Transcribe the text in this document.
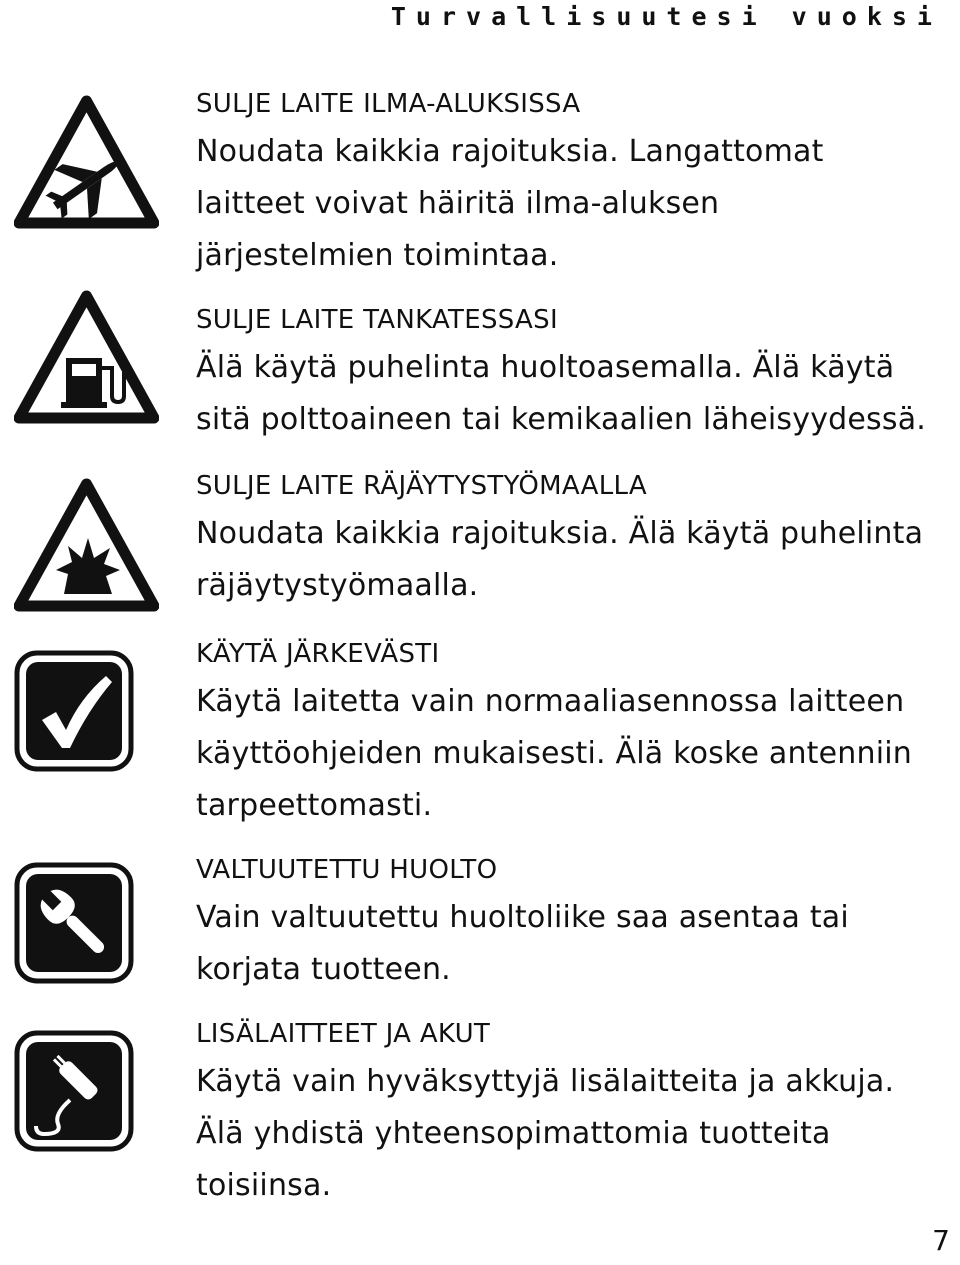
Turvallisuutesi vuoksi
SULJE LAITE ILMA-ALUKSISSA

Noudata kaikkia rajoituksia. Langattomat laitteet voivat häiritä ilma-aluksen järjestelmien toimintaa.

SULJE LAITE TANKATESSASI

Älä käytä puhelinta huoltoasemalla. Älä käytä sitä polttoaineen tai kemikaalien läheisyydessä.

SULJE LAITE RÄJÄYTYSTYÖMAALLA

Noudata kaikkia rajoituksia. Älä käytä puhelinta räjäytystyömaalla.

KÄYTÄ JÄRKEVÄSTI

Käytä laitetta vain normaaliasennossa laitteen käyttöohjeiden mukaisesti. Älä koske antenniin tarpeettomasti.

VALTUUTETTU HUOLTO

Vain valtuutettu huoltoliike saa asentaa tai korjata tuotteen.

LISÄLAITTEET JA AKUT

Käytä vain hyväksyttyjä lisälaitteita ja akkuja. Älä yhdistä yhteensopimattomia tuotteita toisiinsa.

7
